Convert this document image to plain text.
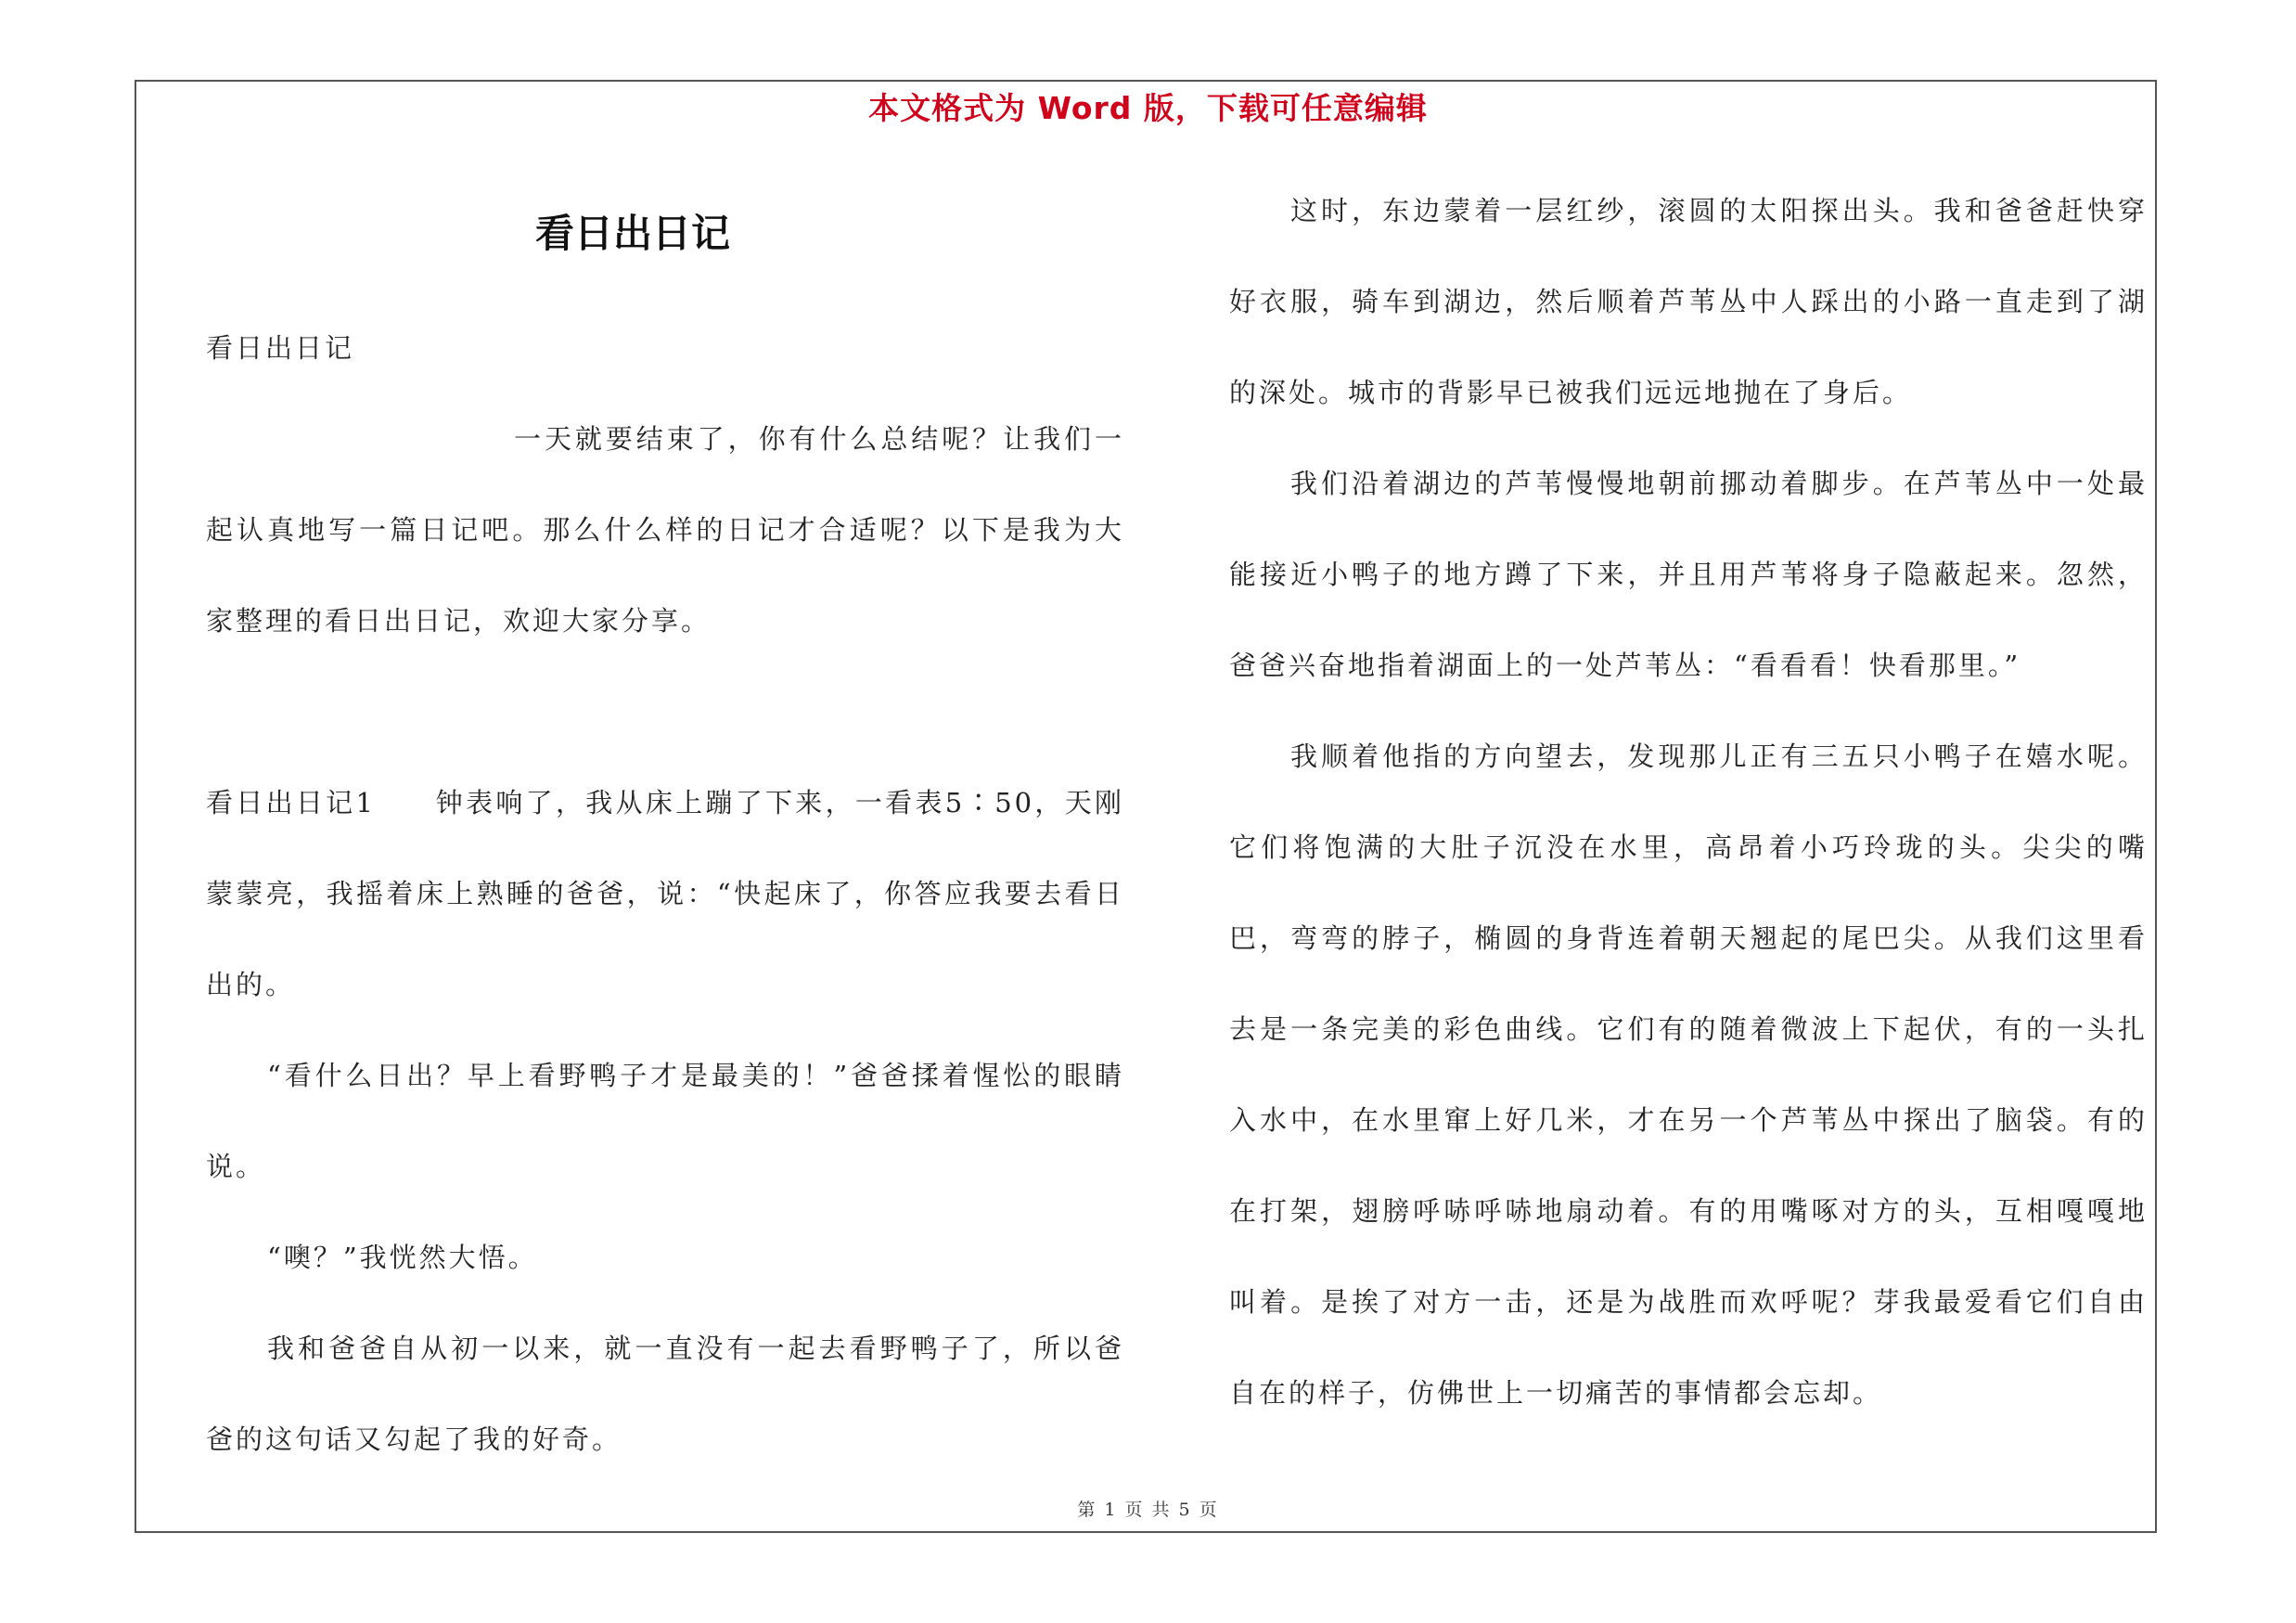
本文格式为 Word 版，下载可任意编辑
看日出日记

看日出日记

一天就要结束了，你有什么总结呢？让我们一起认真地写一篇日记吧。那么什么样的日记才合适呢？以下是我为大家整理的看日出日记，欢迎大家分享。

看日出日记1　　钟表响了，我从床上蹦了下来，一看表5∶50，天刚蒙蒙亮，我摇着床上熟睡的爸爸，说：“快起床了，你答应我要去看日出的。

“看什么日出？早上看野鸭子才是最美的！”爸爸揉着惺忪的眼睛说。

“噢？”我恍然大悟。

我和爸爸自从初一以来，就一直没有一起去看野鸭子了，所以爸爸的这句话又勾起了我的好奇。

这时，东边蒙着一层红纱，滚圆的太阳探出头。我和爸爸赶快穿好衣服，骑车到湖边，然后顺着芦苇丛中人踩出的小路一直走到了湖的深处。城市的背影早已被我们远远地抛在了身后。

我们沿着湖边的芦苇慢慢地朝前挪动着脚步。在芦苇丛中一处最能接近小鸭子的地方蹲了下来，并且用芦苇将身子隐蔽起来。忽然，爸爸兴奋地指着湖面上的一处芦苇丛：“看看看！快看那里。”

我顺着他指的方向望去，发现那儿正有三五只小鸭子在嬉水呢。它们将饱满的大肚子沉没在水里，高昂着小巧玲珑的头。尖尖的嘴巴，弯弯的脖子，椭圆的身背连着朝天翘起的尾巴尖。从我们这里看去是一条完美的彩色曲线。它们有的随着微波上下起伏，有的一头扎入水中，在水里窜上好几米，才在另一个芦苇丛中探出了脑袋。有的在打架，翅膀呼哧呼哧地扇动着。有的用嘴啄对方的头，互相嘎嘎地叫着。是挨了对方一击，还是为战胜而欢呼呢？芽我最爱看它们自由自在的样子，仿佛世上一切痛苦的事情都会忘却。

第 1 页 共 5 页
